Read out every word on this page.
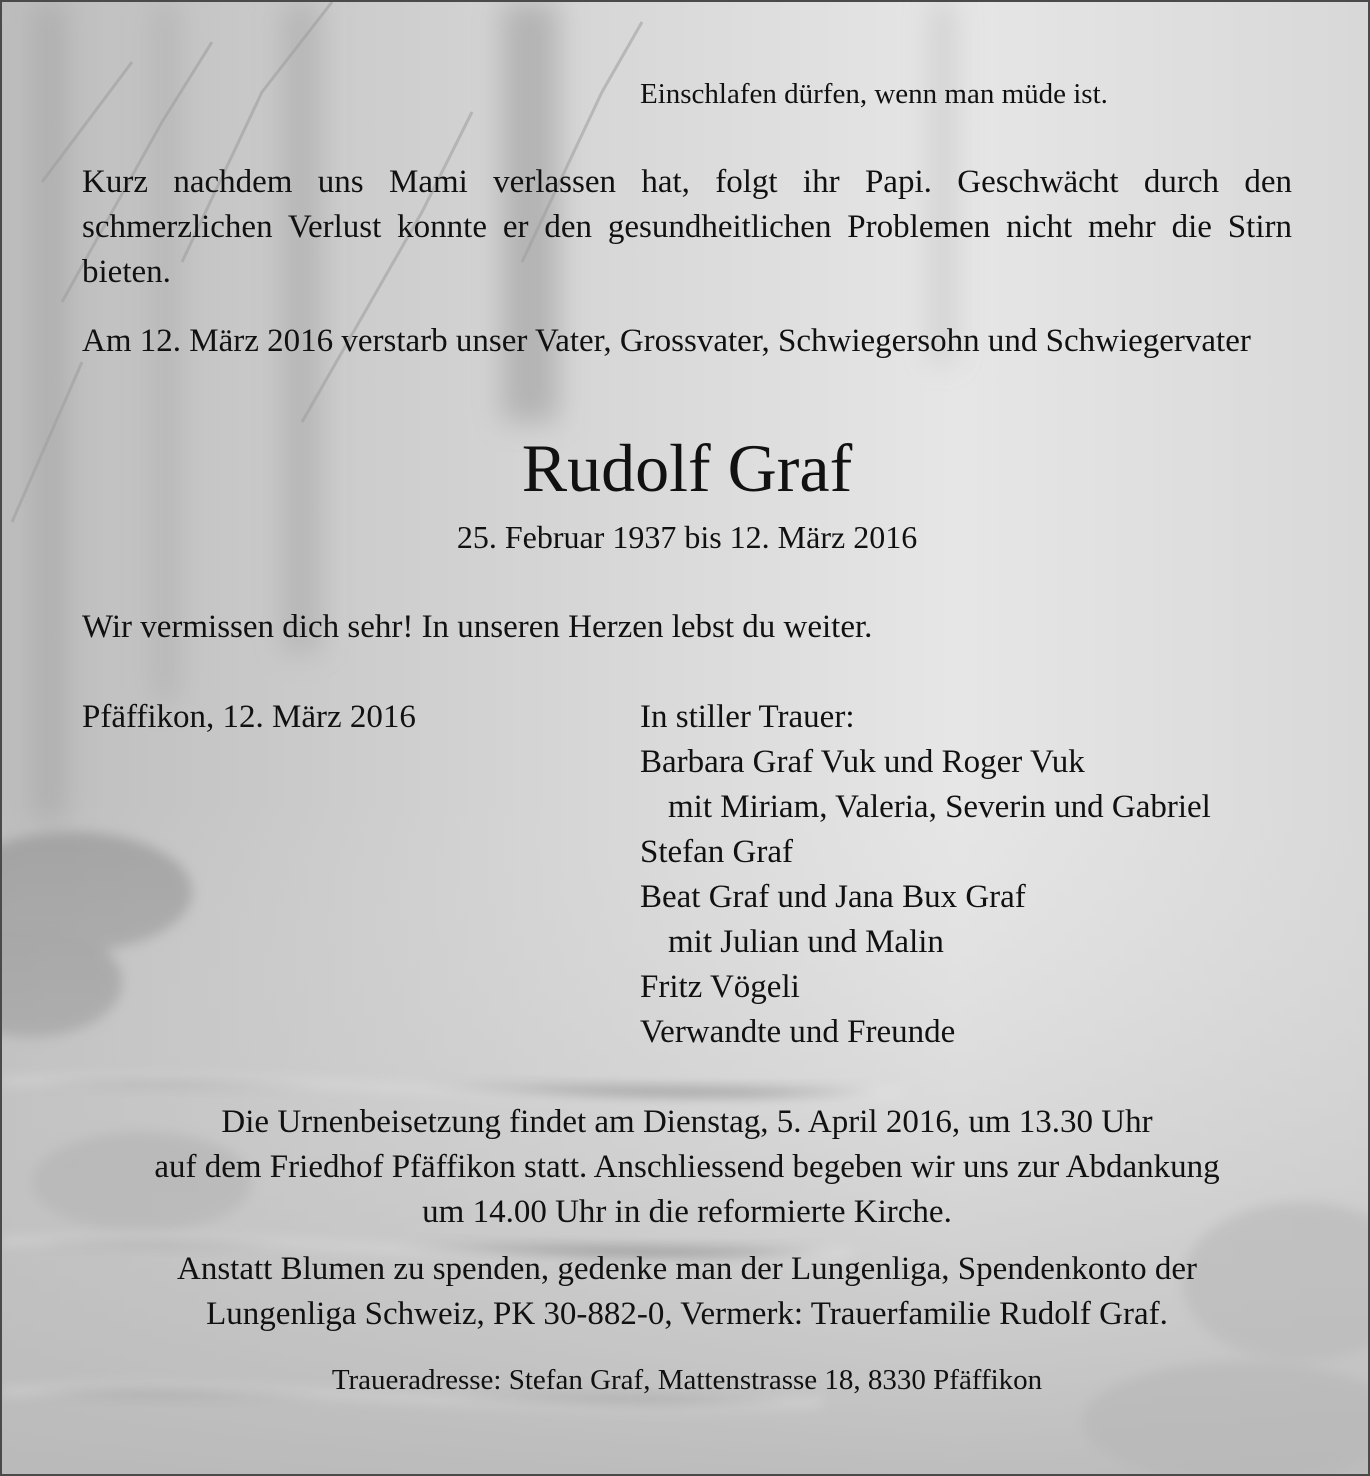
Einschlafen dürfen, wenn man müde ist.

Kurz nachdem uns Mami verlassen hat, folgt ihr Papi. Geschwächt durch den schmerzlichen Verlust konnte er den gesundheitlichen Problemen nicht mehr die Stirn bieten.

Am 12. März 2016 verstarb unser Vater, Grossvater, Schwiegersohn und Schwiegervater

Rudolf Graf

25. Februar 1937 bis 12. März 2016

Wir vermissen dich sehr! In unseren Herzen lebst du weiter.

Pfäffikon, 12. März 2016	In stiller Trauer:
Barbara Graf Vuk und Roger Vuk
mit Miriam, Valeria, Severin und Gabriel
Stefan Graf
Beat Graf und Jana Bux Graf
mit Julian und Malin
Fritz Vögeli
Verwandte und Freunde

Die Urnenbeisetzung findet am Dienstag, 5. April 2016, um 13.30 Uhr
auf dem Friedhof Pfäffikon statt. Anschliessend begeben wir uns zur Abdankung
um 14.00 Uhr in die reformierte Kirche.

Anstatt Blumen zu spenden, gedenke man der Lungenliga, Spendenkonto der
Lungenliga Schweiz, PK 30-882-0, Vermerk: Trauerfamilie Rudolf Graf.

Traueradresse: Stefan Graf, Mattenstrasse 18, 8330 Pfäffikon
